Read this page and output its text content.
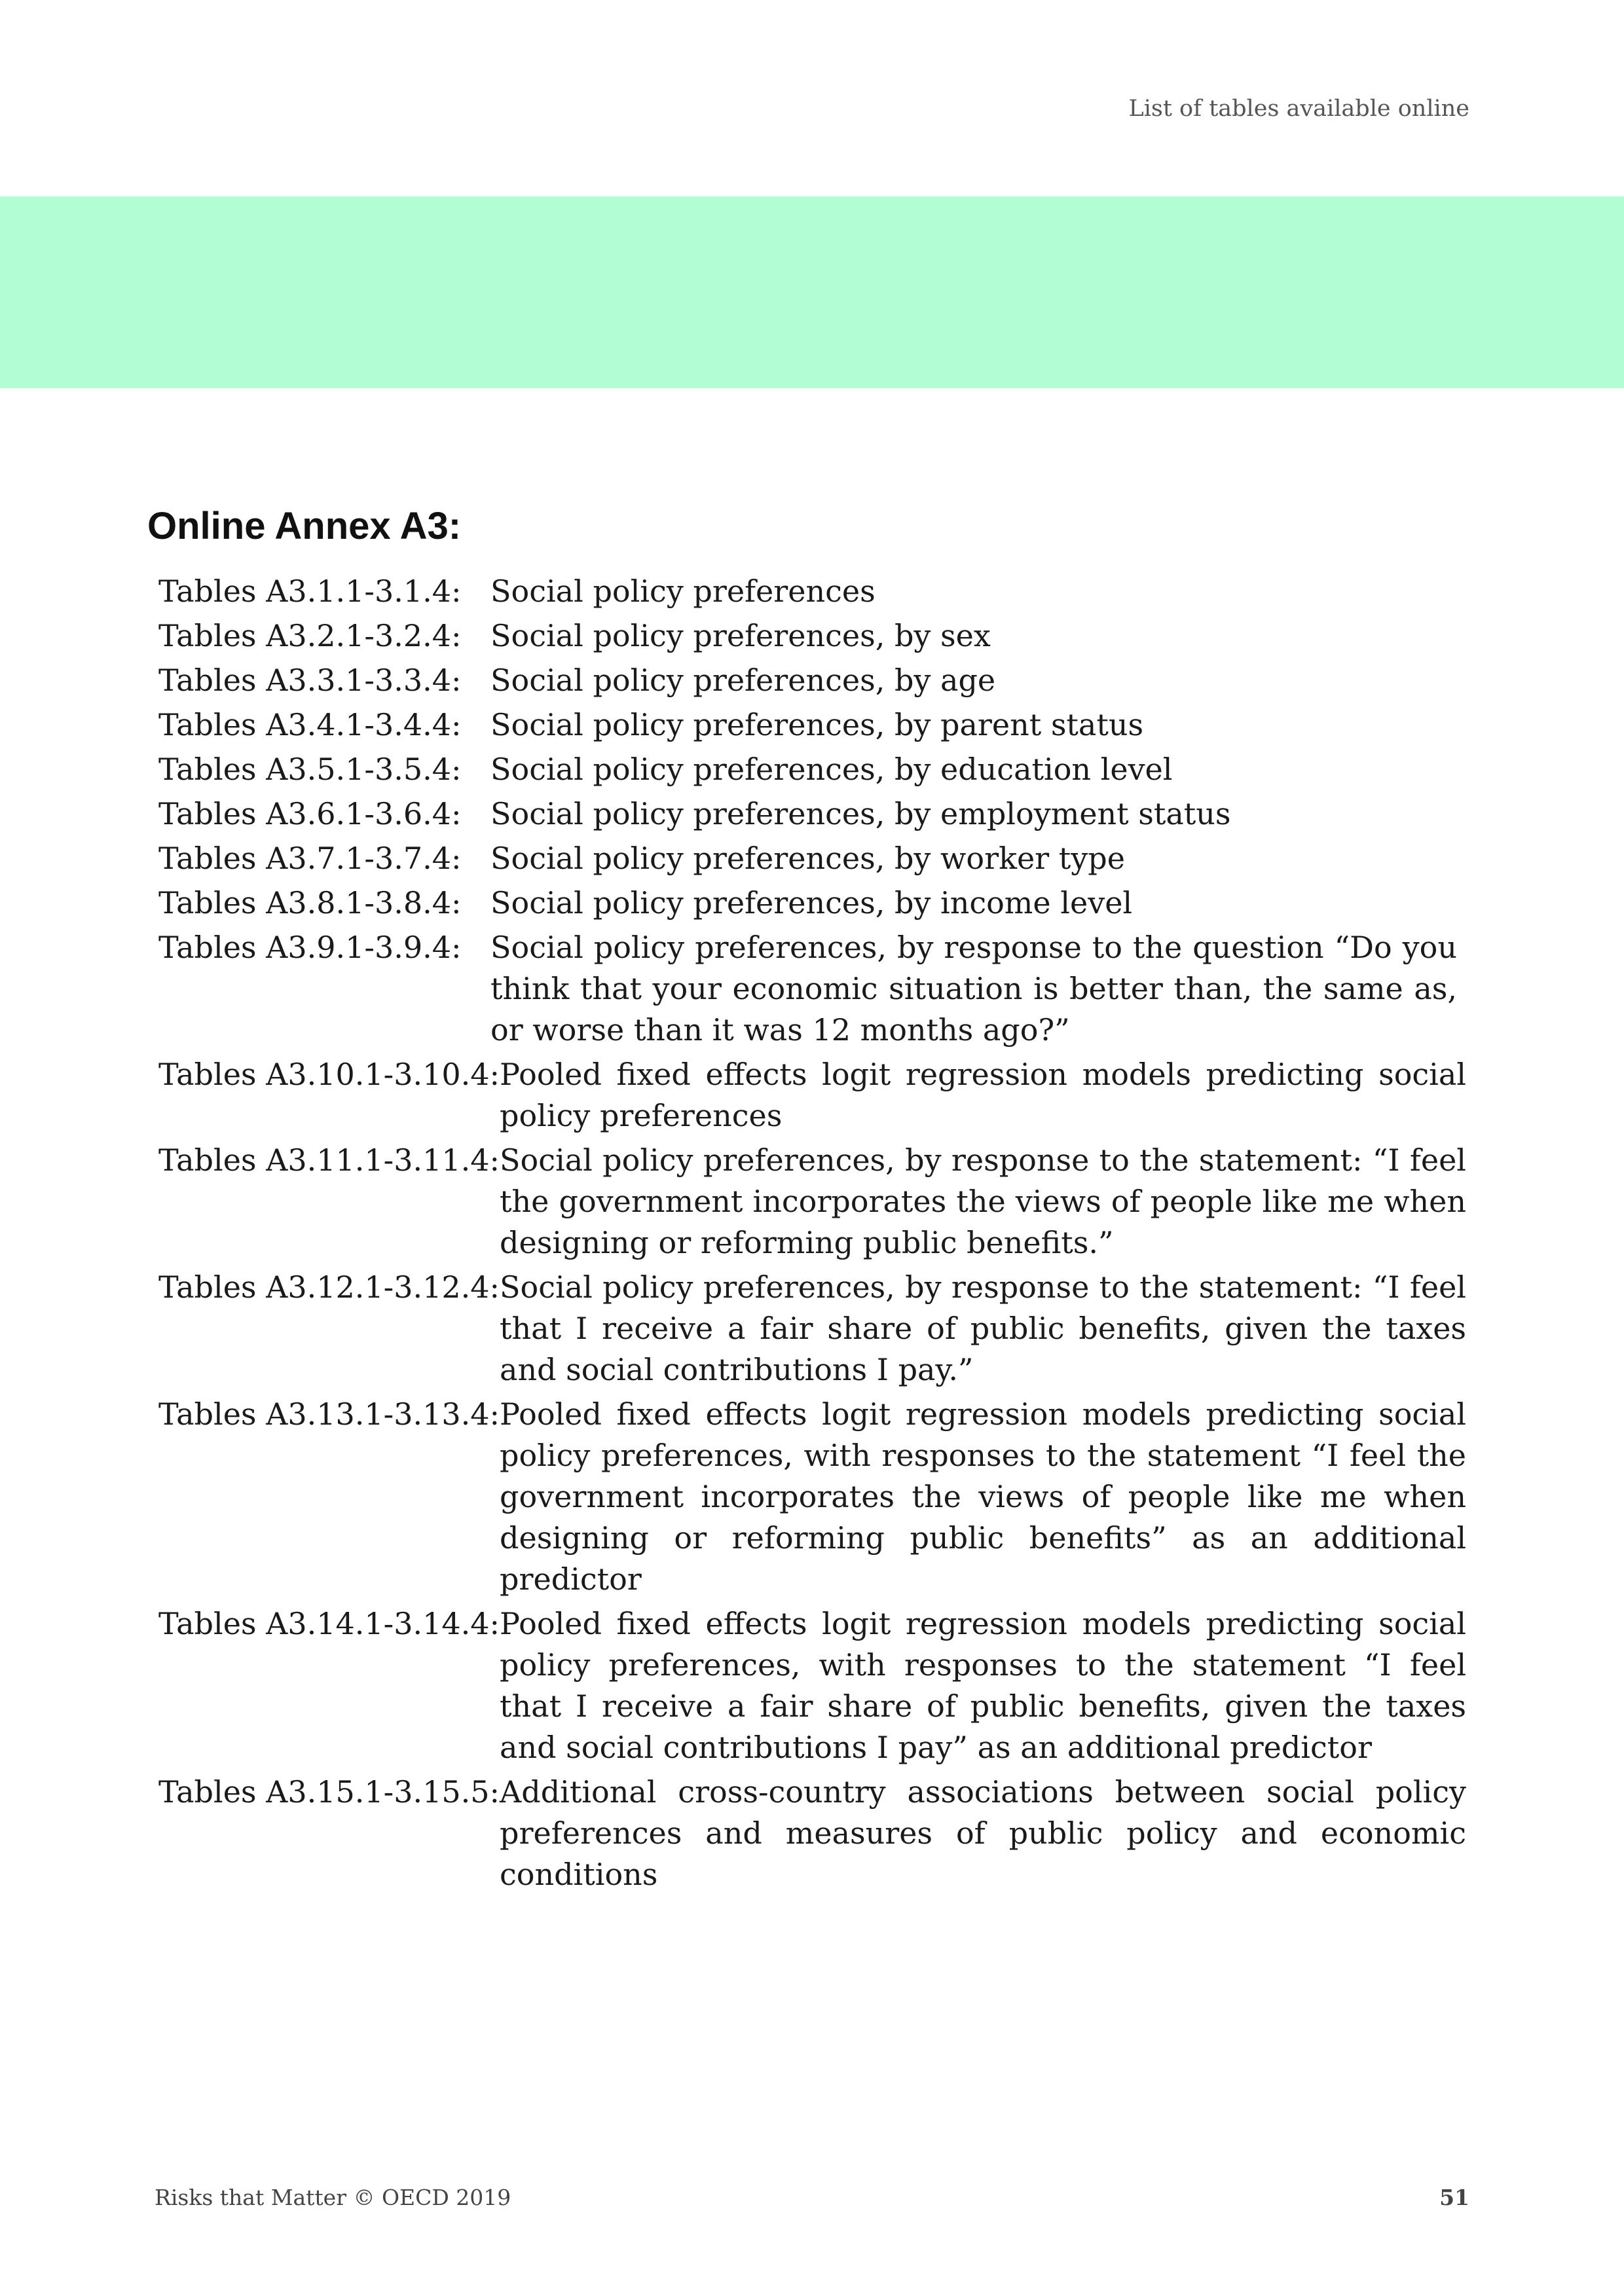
List of tables available online
Online Annex A3:
Tables A3.1.1-3.1.4: Social policy preferences
Tables A3.2.1-3.2.4: Social policy preferences, by sex
Tables A3.3.1-3.3.4: Social policy preferences, by age
Tables A3.4.1-3.4.4: Social policy preferences, by parent status
Tables A3.5.1-3.5.4: Social policy preferences, by education level
Tables A3.6.1-3.6.4: Social policy preferences, by employment status
Tables A3.7.1-3.7.4: Social policy preferences, by worker type
Tables A3.8.1-3.8.4: Social policy preferences, by income level
Tables A3.9.1-3.9.4: Social policy preferences, by response to the question “Do you think that your economic situation is better than, the same as, or worse than it was 12 months ago?”
Tables A3.10.1-3.10.4: Pooled fixed effects logit regression models predicting social policy preferences
Tables A3.11.1-3.11.4: Social policy preferences, by response to the statement: “I feel the government incorporates the views of people like me when designing or reforming public benefits.”
Tables A3.12.1-3.12.4: Social policy preferences, by response to the statement: “I feel that I receive a fair share of public benefits, given the taxes and social contributions I pay.”
Tables A3.13.1-3.13.4: Pooled fixed effects logit regression models predicting social policy preferences, with responses to the statement “I feel the government incorporates the views of people like me when designing or reforming public benefits” as an additional predictor
Tables A3.14.1-3.14.4: Pooled fixed effects logit regression models predicting social policy preferences, with responses to the statement “I feel that I receive a fair share of public benefits, given the taxes and social contributions I pay” as an additional predictor
Tables A3.15.1-3.15.5: Additional cross-country associations between social policy preferences and measures of public policy and economic conditions
Risks that Matter © OECD 2019	51
